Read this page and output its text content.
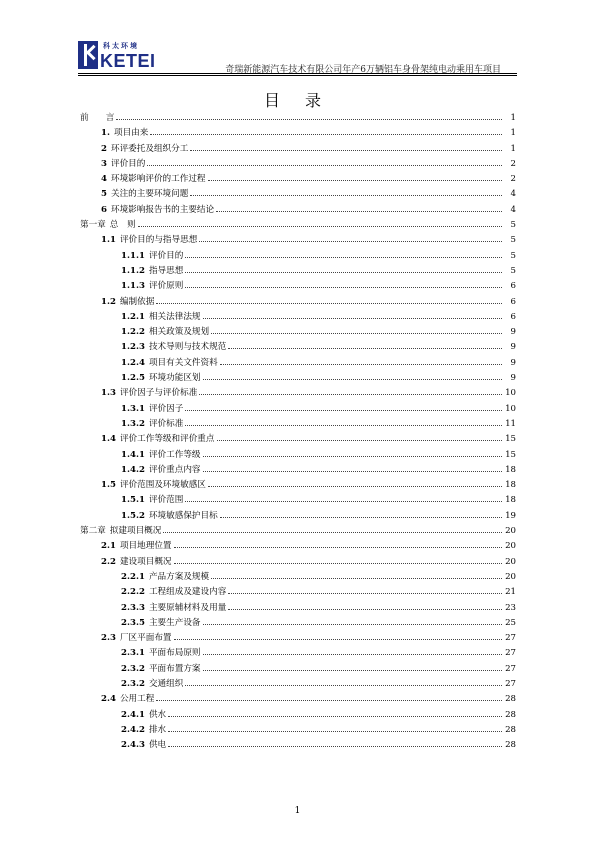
科太环境
KETEI	奇瑞新能源汽车技术有限公司年产6万辆铝车身骨架纯电动乘用车项目
目 录
前　　言	1
1. 项目由来	1
2 环评委托及组织分工	1
3 评价目的	2
4 环境影响评价的工作过程	2
5 关注的主要环境问题	4
6 环境影响报告书的主要结论	4
第一章 总　则	5
1.1 评价目的与指导思想	5
1.1.1 评价目的	5
1.1.2 指导思想	5
1.1.3 评价原则	6
1.2 编制依据	6
1.2.1 相关法律法规	6
1.2.2 相关政策及规划	9
1.2.3 技术导则与技术规范	9
1.2.4 项目有关文件资料	9
1.2.5 环境功能区划	9
1.3 评价因子与评价标准	10
1.3.1 评价因子	10
1.3.2 评价标准	11
1.4 评价工作等级和评价重点	15
1.4.1 评价工作等级	15
1.4.2 评价重点内容	18
1.5 评价范围及环境敏感区	18
1.5.1 评价范围	18
1.5.2 环境敏感保护目标	19
第二章 拟建项目概况	20
2.1 项目地理位置	20
2.2 建设项目概况	20
2.2.1 产品方案及规模	20
2.2.2 工程组成及建设内容	21
2.3.3 主要原辅材料及用量	23
2.3.5 主要生产设备	25
2.3 厂区平面布置	27
2.3.1 平面布局原则	27
2.3.2 平面布置方案	27
2.3.2 交通组织	27
2.4 公用工程	28
2.4.1 供水	28
2.4.2 排水	28
2.4.3 供电	28
1
